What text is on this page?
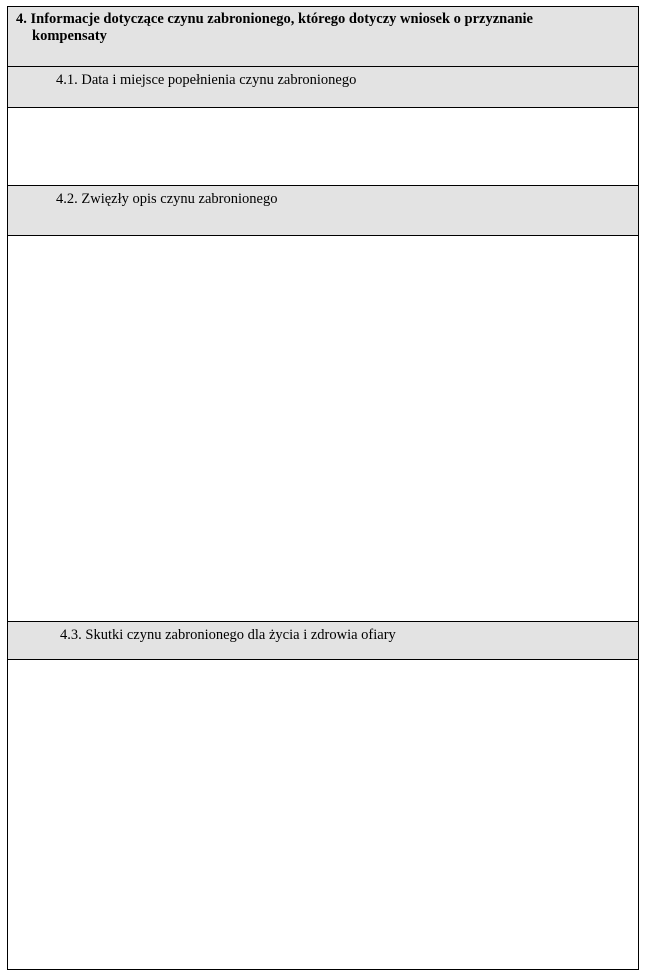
4. Informacje dotyczące czynu zabronionego, którego dotyczy wniosek o przyznanie
kompensaty
4.1. Data i miejsce popełnienia czynu zabronionego
4.2. Zwięzły opis czynu zabronionego
4.3. Skutki czynu zabronionego dla życia i zdrowia ofiary
